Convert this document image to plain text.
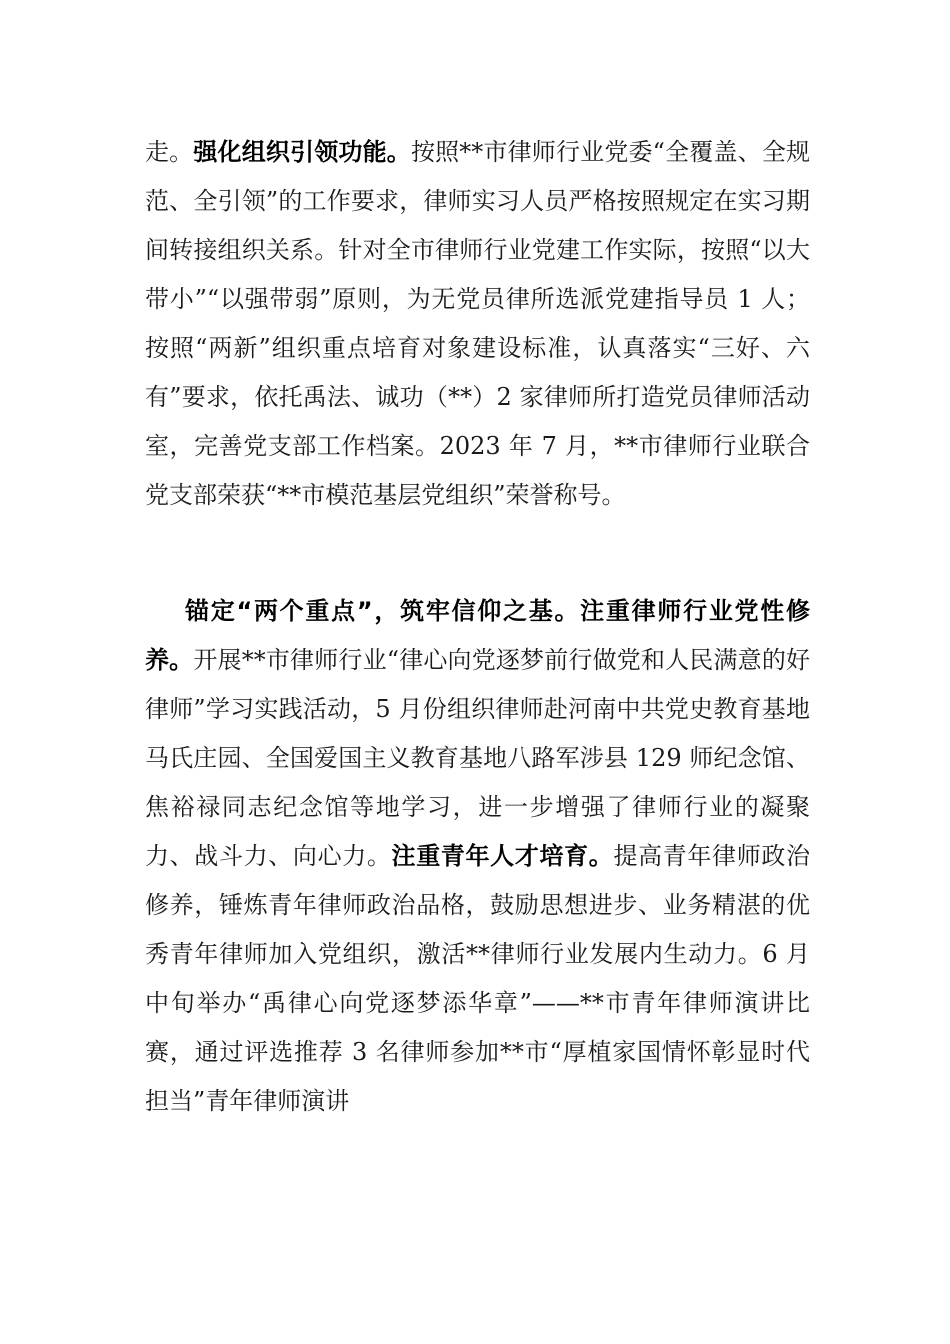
走。强化组织引领功能。按照**市律师行业党委“全覆盖、全规范、全引领”的工作要求，律师实习人员严格按照规定在实习期间转接组织关系。针对全市律师行业党建工作实际，按照“以大带小”“以强带弱”原则，为无党员律所选派党建指导员 1 人；按照“两新”组织重点培育对象建设标准，认真落实“三好、六有”要求，依托禹法、诚功（**）2 家律师所打造党员律师活动室，完善党支部工作档案。2023 年 7 月，**市律师行业联合党支部荣获“**市模范基层党组织”荣誉称号。
锚定“两个重点”，筑牢信仰之基。注重律师行业党性修养。开展**市律师行业“律心向党逐梦前行做党和人民满意的好律师”学习实践活动，5 月份组织律师赴河南中共党史教育基地马氏庄园、全国爱国主义教育基地八路军涉县 129 师纪念馆、焦裕禄同志纪念馆等地学习，进一步增强了律师行业的凝聚力、战斗力、向心力。注重青年人才培育。提高青年律师政治修养，锤炼青年律师政治品格，鼓励思想进步、业务精湛的优秀青年律师加入党组织，激活**律师行业发展内生动力。6 月中旬举办“禹律心向党逐梦添华章”——**市青年律师演讲比赛，通过评选推荐 3 名律师参加**市“厚植家国情怀彰显时代担当”青年律师演讲
